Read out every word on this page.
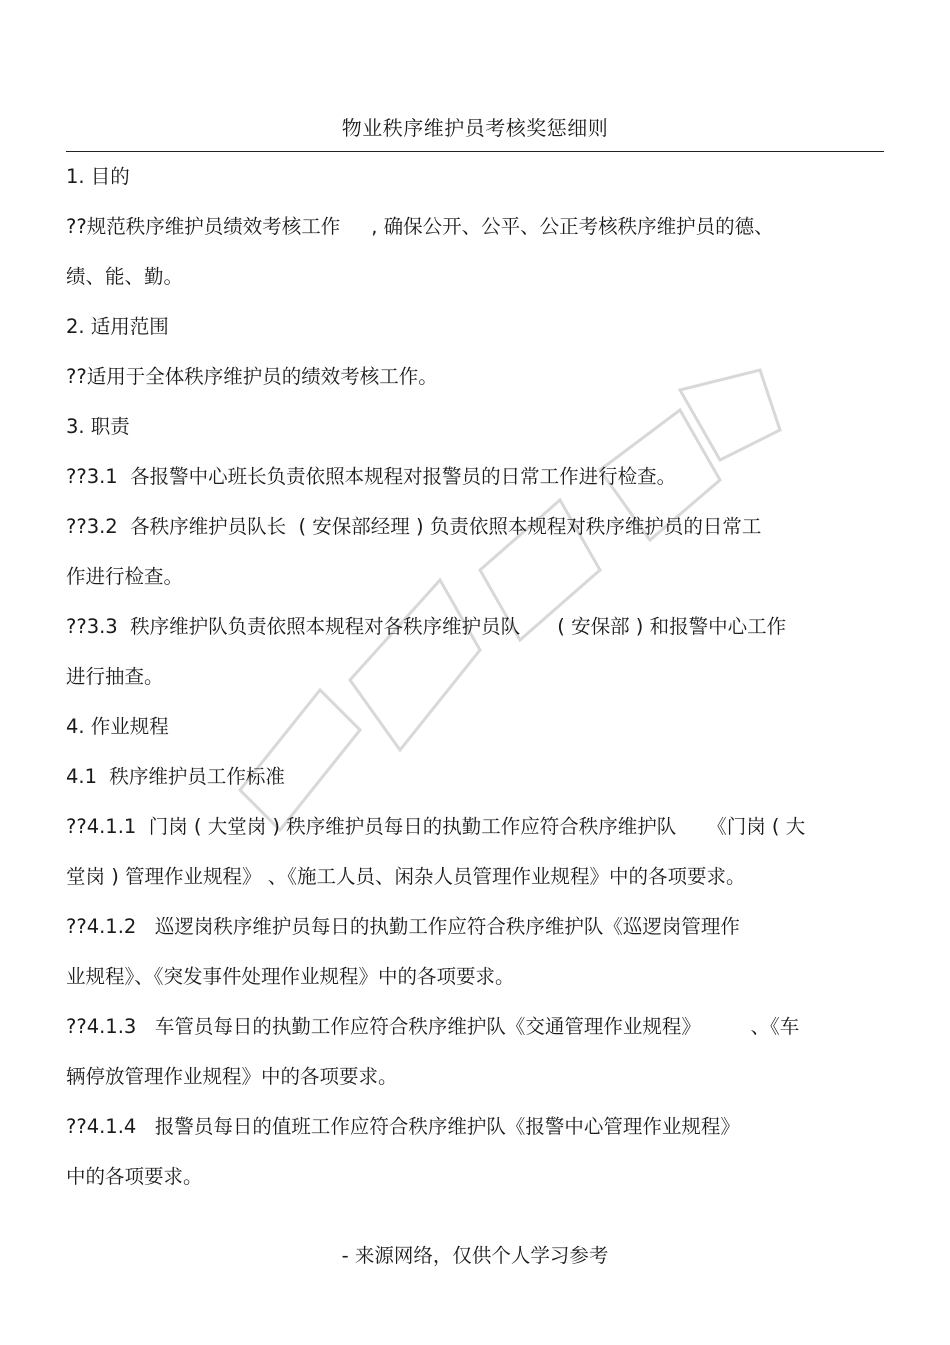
物业秩序维护员考核奖惩细则
1. 目的
??规范秩序维护员绩效考核工作     , 确保公开、公平、公正考核秩序维护员的德、
绩、能、勤。
2. 适用范围
??适用于全体秩序维护员的绩效考核工作。
3. 职责
??3.1  各报警中心班长负责依照本规程对报警员的日常工作进行检查。
??3.2  各秩序维护员队长  ( 安保部经理 ) 负责依照本规程对秩序维护员的日常工
作进行检查。
??3.3  秩序维护队负责依照本规程对各秩序维护员队      ( 安保部 ) 和报警中心工作
进行抽查。
4. 作业规程
4.1  秩序维护员工作标准
??4.1.1  门岗 ( 大堂岗 ) 秩序维护员每日的执勤工作应符合秩序维护队     《门岗 ( 大
堂岗 ) 管理作业规程》 、《施工人员、闲杂人员管理作业规程》中的各项要求。
??4.1.2   巡逻岗秩序维护员每日的执勤工作应符合秩序维护队《巡逻岗管理作
业规程》、《突发事件处理作业规程》中的各项要求。
??4.1.3   车管员每日的执勤工作应符合秩序维护队《交通管理作业规程》        、《车
辆停放管理作业规程》中的各项要求。
??4.1.4   报警员每日的值班工作应符合秩序维护队《报警中心管理作业规程》
中的各项要求。
- 来源网络，仅供个人学习参考
